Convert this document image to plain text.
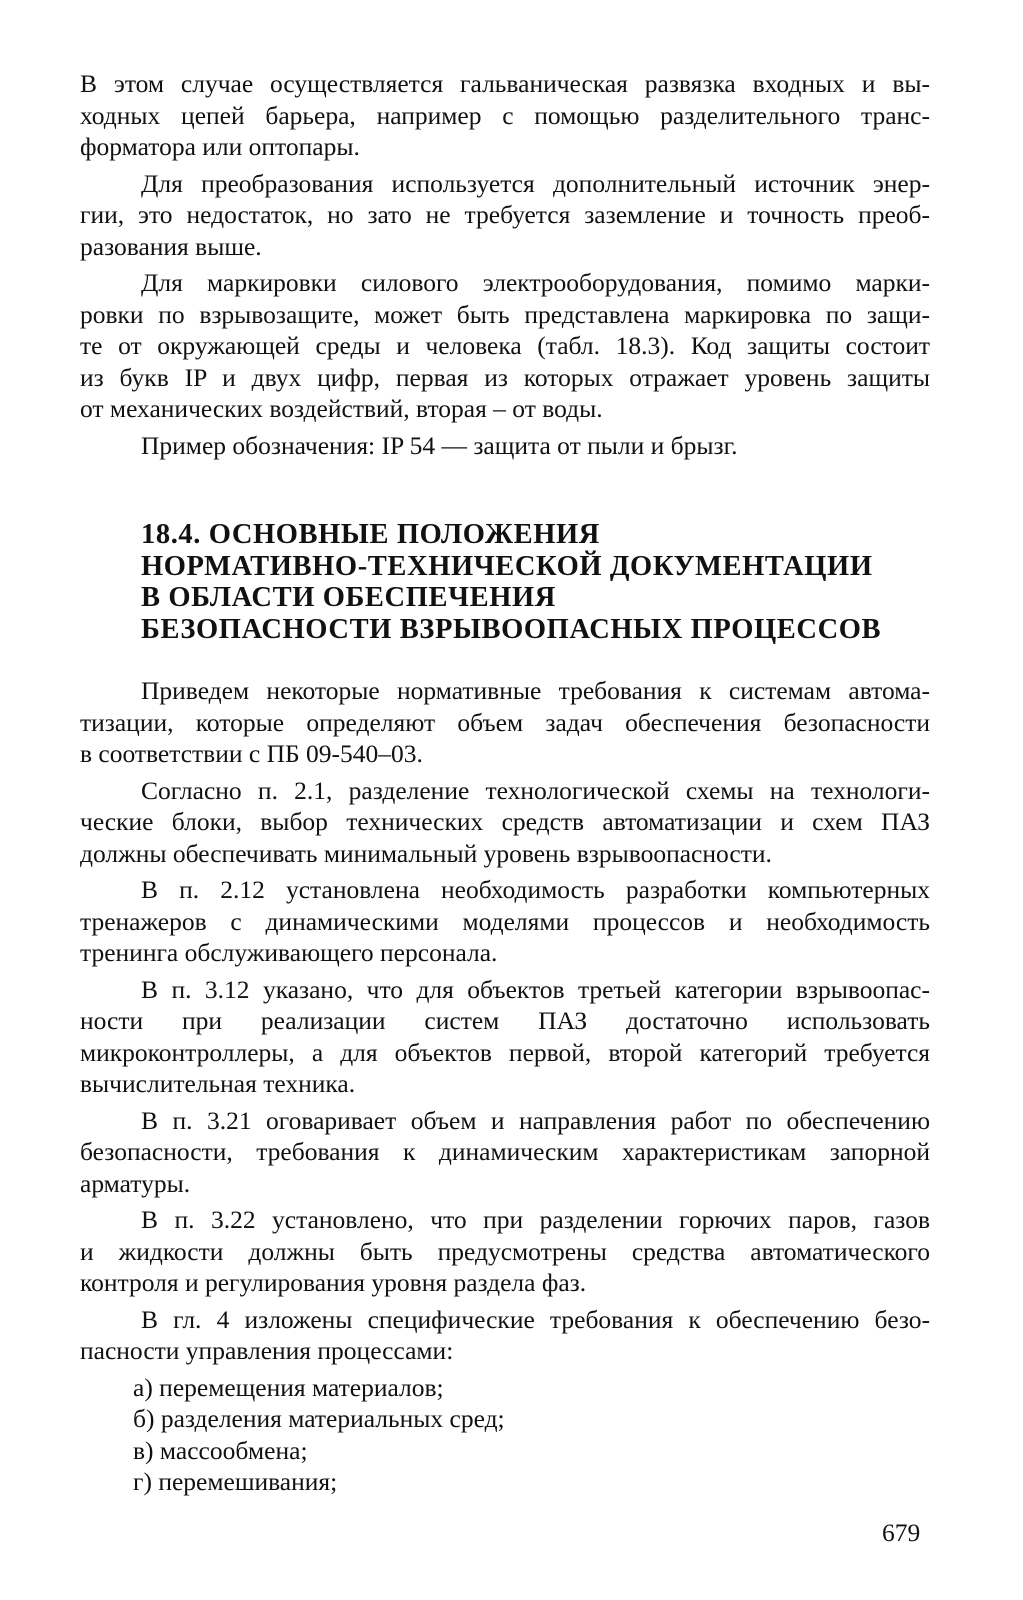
В этом случае осуществляется гальваническая развязка входных и вы-
ходных цепей барьера, например с помощью разделительного транс-
форматора или оптопары.
Для преобразования используется дополнительный источник энер-
гии, это недостаток, но зато не требуется заземление и точность преоб-
разования выше.
Для маркировки силового электрооборудования, помимо марки-
ровки по взрывозащите, может быть представлена маркировка по защи-
те от окружающей среды и человека (табл. 18.3). Код защиты состоит
из букв IP и двух цифр, первая из которых отражает уровень защиты
от механических воздействий, вторая – от воды.
Пример обозначения: IP 54 — защита от пыли и брызг.
18.4. ОСНОВНЫЕ ПОЛОЖЕНИЯ
НОРМАТИВНО-ТЕХНИЧЕСКОЙ ДОКУМЕНТАЦИИ
В ОБЛАСТИ ОБЕСПЕЧЕНИЯ
БЕЗОПАСНОСТИ ВЗРЫВООПАСНЫХ ПРОЦЕССОВ
Приведем некоторые нормативные требования к системам автома-
тизации, которые определяют объем задач обеспечения безопасности
в соответствии с ПБ 09-540–03.
Согласно п. 2.1, разделение технологической схемы на технологи-
ческие блоки, выбор технических средств автоматизации и схем ПАЗ
должны обеспечивать минимальный уровень взрывоопасности.
В п. 2.12 установлена необходимость разработки компьютерных
тренажеров с динамическими моделями процессов и необходимость
тренинга обслуживающего персонала.
В п. 3.12 указано, что для объектов третьей категории взрывоопас-
ности при реализации систем ПАЗ достаточно использовать
микроконтроллеры, а для объектов первой, второй категорий требуется
вычислительная техника.
В п. 3.21 оговаривает объем и направления работ по обеспечению
безопасности, требования к динамическим характеристикам запорной
арматуры.
В п. 3.22 установлено, что при разделении горючих паров, газов
и жидкости должны быть предусмотрены средства автоматического
контроля и регулирования уровня раздела фаз.
В гл. 4 изложены специфические требования к обеспечению безо-
пасности управления процессами:
а) перемещения материалов;
б) разделения материальных сред;
в) массообмена;
г) перемешивания;
679
